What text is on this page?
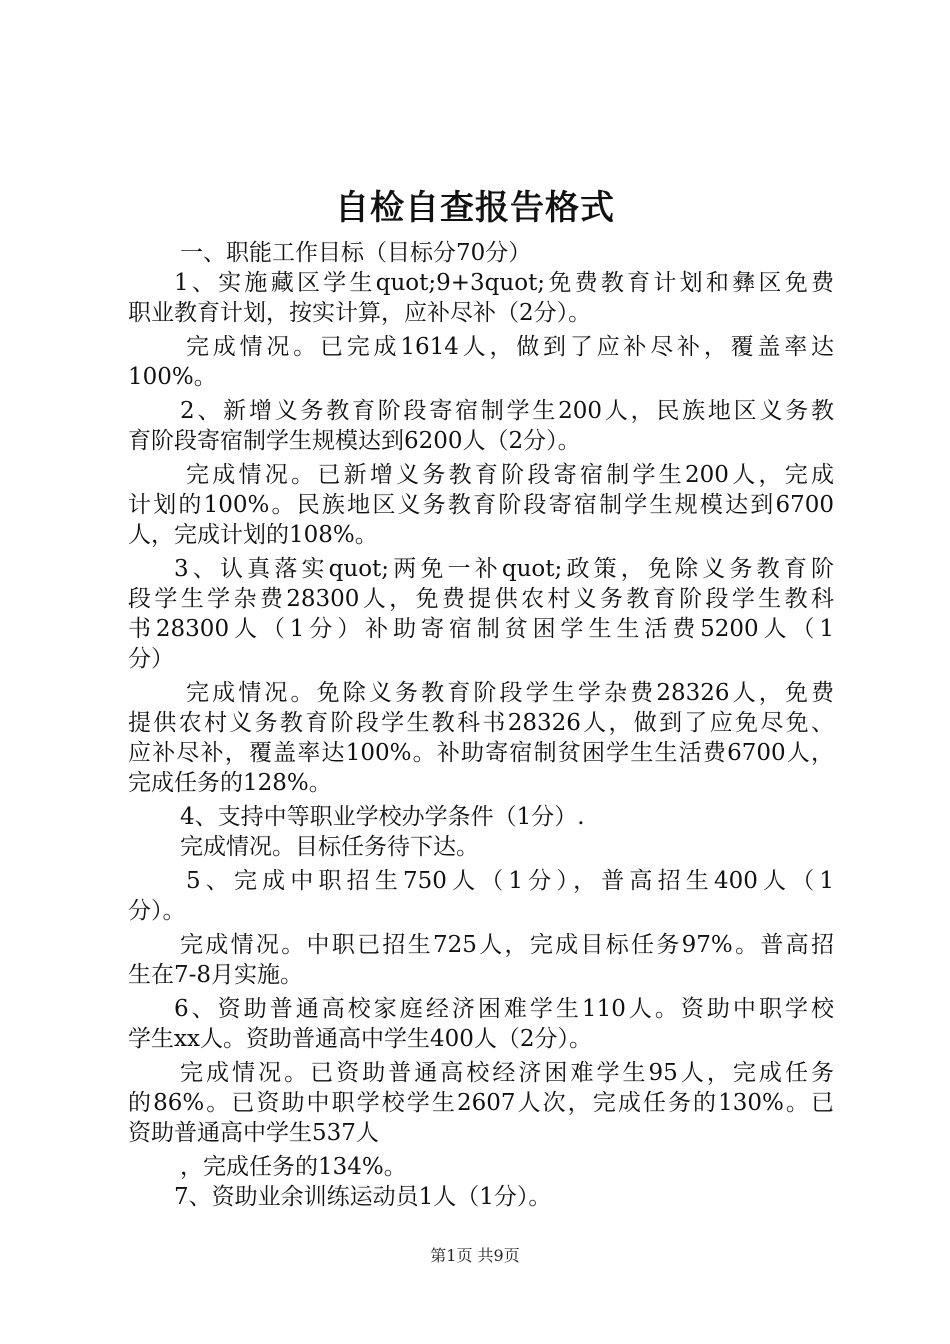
自检自查报告格式
一、职能工作目标（目标分70分）
1、实施藏区学生quot;9+3quot;免费教育计划和彝区免费
职业教育计划，按实计算，应补尽补（2分）。
完成情况。已完成1614人，做到了应补尽补，覆盖率达
100%。
2、新增义务教育阶段寄宿制学生200人，民族地区义务教
育阶段寄宿制学生规模达到6200人（2分）。
完成情况。已新增义务教育阶段寄宿制学生200人，完成
计划的100%。民族地区义务教育阶段寄宿制学生规模达到6700
人，完成计划的108%。
3、认真落实quot;两免一补quot;政策，免除义务教育阶
段学生学杂费28300人，免费提供农村义务教育阶段学生教科
书28300人（1分）补助寄宿制贫困学生生活费5200人（1
分）
完成情况。免除义务教育阶段学生学杂费28326人，免费
提供农村义务教育阶段学生教科书28326人，做到了应免尽免、
应补尽补，覆盖率达100%。补助寄宿制贫困学生生活费6700人，
完成任务的128%。
4、支持中等职业学校办学条件（1分）.
完成情况。目标任务待下达。
5、完成中职招生750人（1分），普高招生400人（1
分）。
完成情况。中职已招生725人，完成目标任务97%。普高招
生在7-8月实施。
6、资助普通高校家庭经济困难学生110人。资助中职学校
学生xx人。资助普通高中学生400人（2分）。
完成情况。已资助普通高校经济困难学生95人，完成任务
的86%。已资助中职学校学生2607人次，完成任务的130%。已
资助普通高中学生537人
，完成任务的134%。
7、资助业余训练运动员1人（1分）。
第1页 共9页
